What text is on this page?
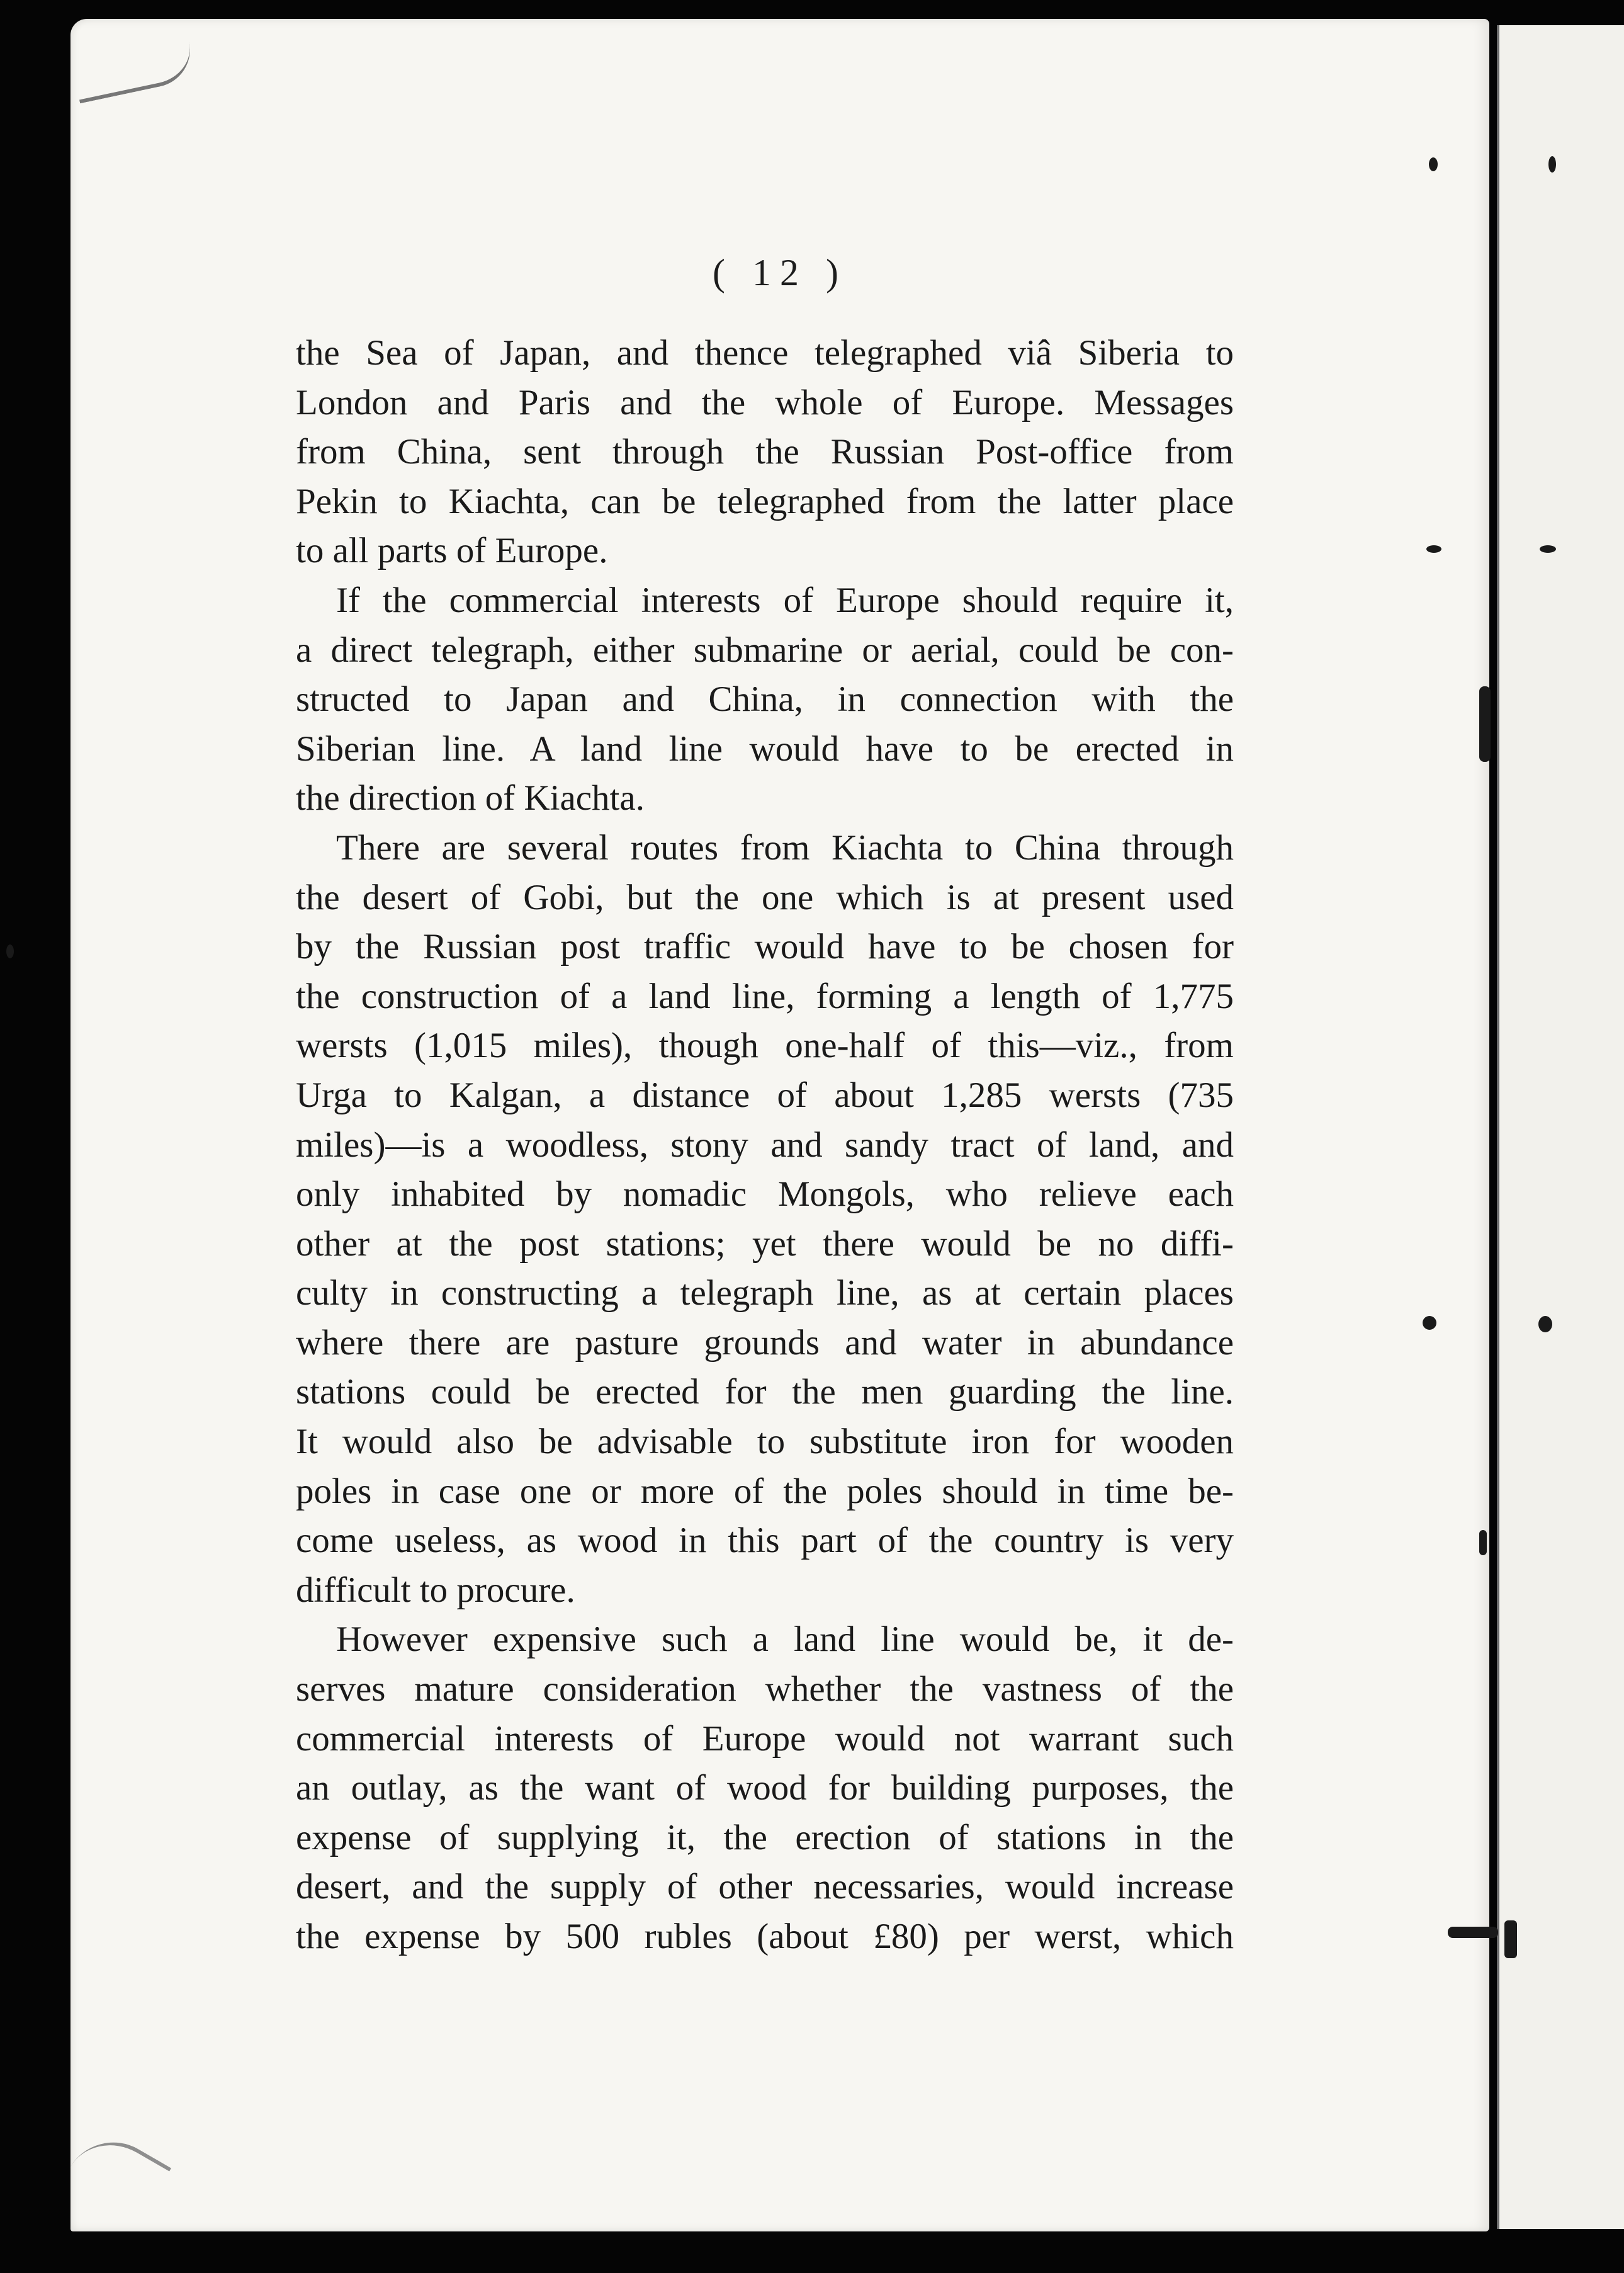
( 12 )

the Sea of Japan, and thence telegraphed viâ Siberia to
London and Paris and the whole of Europe. Messages
from China, sent through the Russian Post-office from
Pekin to Kiachta, can be telegraphed from the latter place
to all parts of Europe.

If the commercial interests of Europe should require it,
a direct telegraph, either submarine or aerial, could be con-
structed to Japan and China, in connection with the
Siberian line. A land line would have to be erected in
the direction of Kiachta.

There are several routes from Kiachta to China through
the desert of Gobi, but the one which is at present used
by the Russian post traffic would have to be chosen for
the construction of a land line, forming a length of 1,775
wersts (1,015 miles), though one-half of this—viz., from
Urga to Kalgan, a distance of about 1,285 wersts (735
miles)—is a woodless, stony and sandy tract of land, and
only inhabited by nomadic Mongols, who relieve each
other at the post stations; yet there would be no diffi-
culty in constructing a telegraph line, as at certain places
where there are pasture grounds and water in abundance
stations could be erected for the men guarding the line.
It would also be advisable to substitute iron for wooden
poles in case one or more of the poles should in time be-
come useless, as wood in this part of the country is very
difficult to procure.

However expensive such a land line would be, it de-
serves mature consideration whether the vastness of the
commercial interests of Europe would not warrant such
an outlay, as the want of wood for building purposes, the
expense of supplying it, the erection of stations in the
desert, and the supply of other necessaries, would increase
the expense by 500 rubles (about £80) per werst, which
